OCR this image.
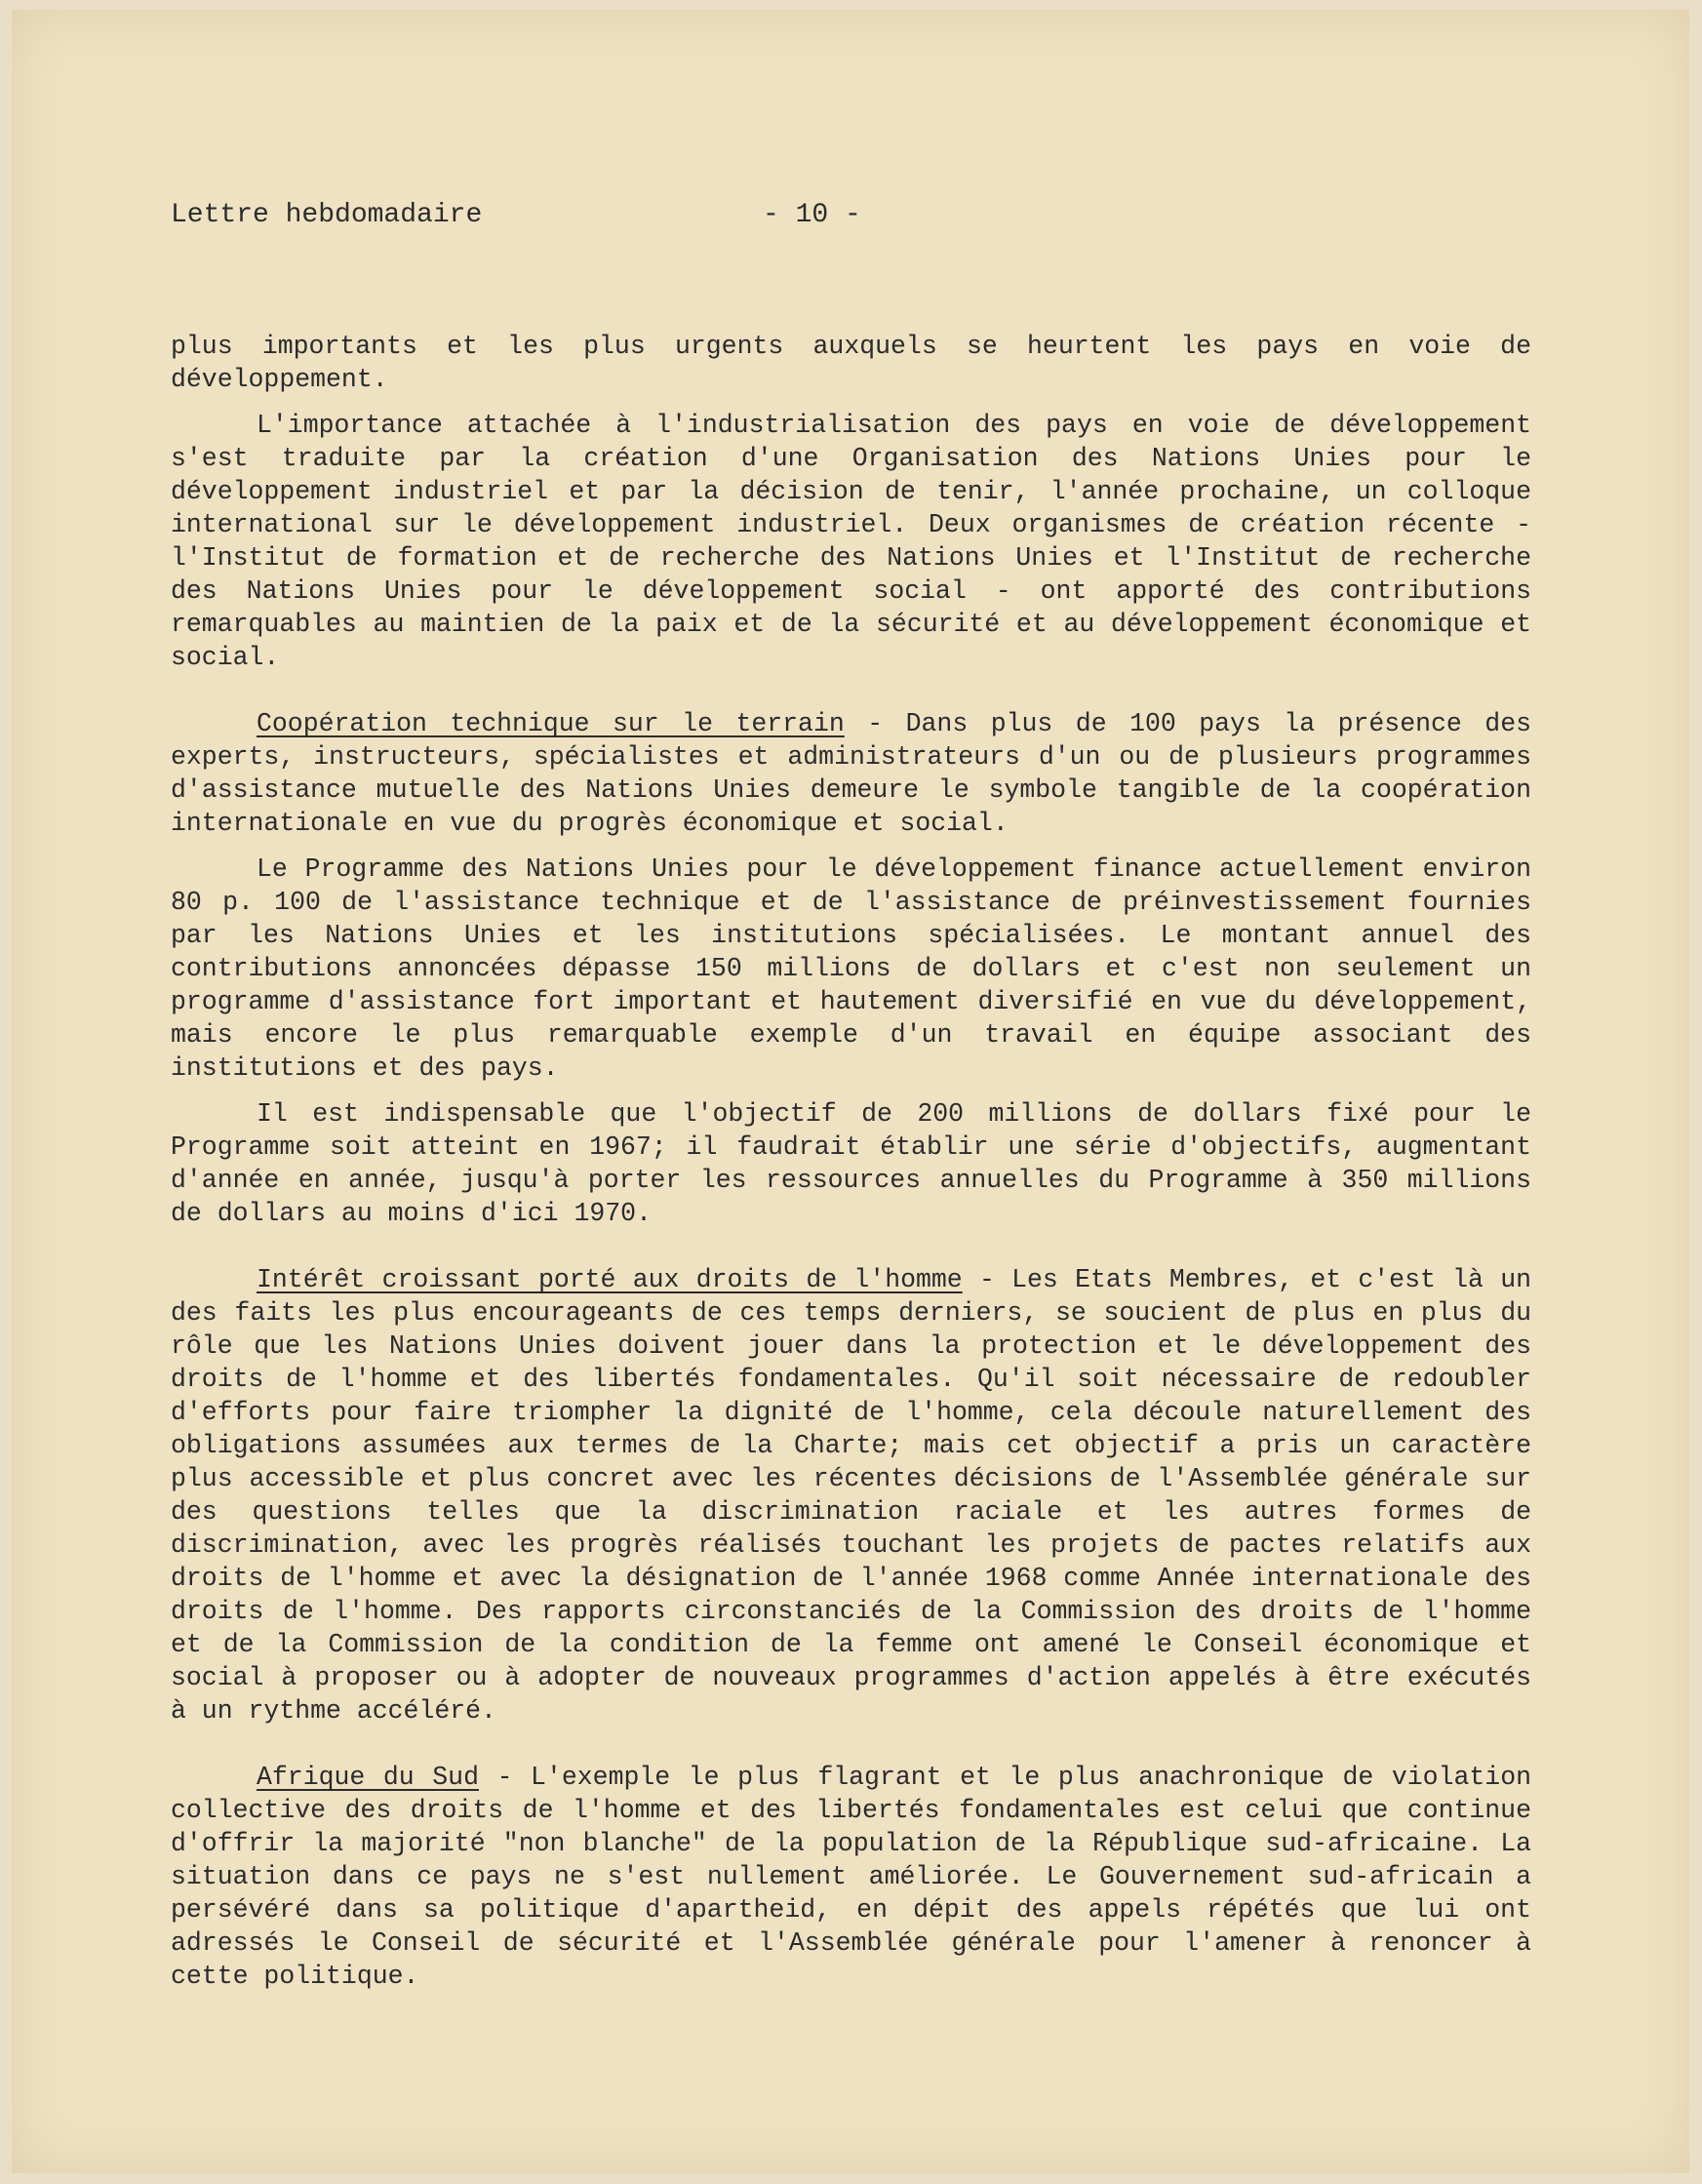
Lettre hebdomadaire	- 10 -

plus importants et les plus urgents auxquels se heurtent les pays en voie de développement.

L'importance attachée à l'industrialisation des pays en voie de développement s'est traduite par la création d'une Organisation des Nations Unies pour le développement industriel et par la décision de tenir, l'année prochaine, un colloque international sur le développement industriel. Deux organismes de création récente - l'Institut de formation et de recherche des Nations Unies et l'Institut de recherche des Nations Unies pour le développement social - ont apporté des contributions remarquables au maintien de la paix et de la sécurité et au développement économique et social.

Coopération technique sur le terrain - Dans plus de 100 pays la présence des experts, instructeurs, spécialistes et administrateurs d'un ou de plusieurs programmes d'assistance mutuelle des Nations Unies demeure le symbole tangible de la coopération internationale en vue du progrès économique et social.

Le Programme des Nations Unies pour le développement finance actuellement environ 80 p. 100 de l'assistance technique et de l'assistance de préinvestissement fournies par les Nations Unies et les institutions spécialisées. Le montant annuel des contributions annoncées dépasse 150 millions de dollars et c'est non seulement un programme d'assistance fort important et hautement diversifié en vue du développement, mais encore le plus remarquable exemple d'un travail en équipe associant des institutions et des pays.

Il est indispensable que l'objectif de 200 millions de dollars fixé pour le Programme soit atteint en 1967; il faudrait établir une série d'objectifs, augmentant d'année en année, jusqu'à porter les ressources annuelles du Programme à 350 millions de dollars au moins d'ici 1970.

Intérêt croissant porté aux droits de l'homme - Les Etats Membres, et c'est là un des faits les plus encourageants de ces temps derniers, se soucient de plus en plus du rôle que les Nations Unies doivent jouer dans la protection et le développement des droits de l'homme et des libertés fondamentales. Qu'il soit nécessaire de redoubler d'efforts pour faire triompher la dignité de l'homme, cela découle naturellement des obligations assumées aux termes de la Charte; mais cet objectif a pris un caractère plus accessible et plus concret avec les récentes décisions de l'Assemblée générale sur des questions telles que la discrimination raciale et les autres formes de discrimination, avec les progrès réalisés touchant les projets de pactes relatifs aux droits de l'homme et avec la désignation de l'année 1968 comme Année internationale des droits de l'homme. Des rapports circonstanciés de la Commission des droits de l'homme et de la Commission de la condition de la femme ont amené le Conseil économique et social à proposer ou à adopter de nouveaux programmes d'action appelés à être exécutés à un rythme accéléré.

Afrique du Sud - L'exemple le plus flagrant et le plus anachronique de violation collective des droits de l'homme et des libertés fondamentales est celui que continue d'offrir la majorité "non blanche" de la population de la République sud-africaine. La situation dans ce pays ne s'est nullement améliorée. Le Gouvernement sud-africain a persévéré dans sa politique d'apartheid, en dépit des appels répétés que lui ont adressés le Conseil de sécurité et l'Assemblée générale pour l'amener à renoncer à cette politique.
